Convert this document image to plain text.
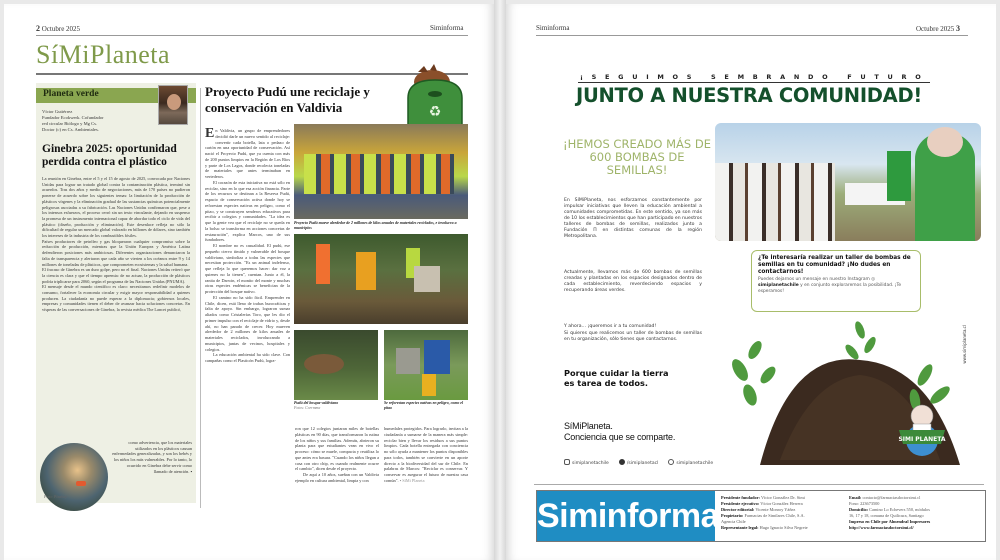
2 Octubre 2025	Siminforma
SíMiPlaneta
Planeta verde
Víctor Gutiérrez
Fundador Ecokwerk. Cofundador
red circular Biólogo y Mg Cs.
Doctor (c) en Cs. Ambientales.
Ginebra 2025: oportunidad perdida contra el plástico

La reunión en Ginebra, entre el 5 y el 15 de agosto de 2025, convocada por Naciones Unidas para lograr un tratado global contra la contaminación plástica, terminó sin acuerdos. Tras dos años y medio de negociaciones, más de 170 países no pudieron ponerse de acuerdo sobre los siguientes temas: la limitación de la producción de plásticos vírgenes y la eliminación gradual de las sustancias químicas potencialmente peligrosas asociadas a su fabricación. Las Naciones Unidas confirmaron que, pese a los intensos esfuerzos, el proceso cerró sin un texto vinculante, dejando en suspenso la promesa de un instrumento internacional capaz de abordar todo el ciclo de vida del plástico (diseño, producción y eliminación). Este desenlace refleja no sólo la dificultad de regular un mercado global valorado en billones de dólares, sino también los intereses de la industria de los combustibles fósiles.

Países productores de petróleo y gas bloquearon cualquier compromiso sobre la reducción de producción, mientras que la Unión Europea y América Latina defendieron posiciones más ambiciosas. Diferentes organizaciones denunciaron la falta de transparencia y alertaron que cada año se vierten a los océanos entre 9 y 14 millones de toneladas de plásticos, que comprometen ecosistemas y la salud humana.

El fracaso de Ginebra es un duro golpe, pero no el final. Naciones Unidas reiteró que la ciencia es clara y que el tiempo apremia: de no actuar, la producción de plásticos podría triplicarse para 2060, según el programa de las Naciones Unidas (PNUMA).

El mensaje desde el mundo científico es claro: necesitamos redefinir modelos de consumo, fortalecer la economía circular y exigir mayor responsabilidad a quienes producen. La ciudadanía no puede esperar a la diplomacia; gobiernos locales, empresas y comunidades tienen el deber de avanzar hacia soluciones concretas. En vísperas de las conversaciones de Ginebra, la revista médica The Lancet publicó,

como advertencia, que los materiales utilizados en los plásticos causan enfermedades generalizadas, y son los bebés y los niños los más vulnerables. Por lo tanto, lo ocurrido en Ginebra debe servir como llamado de atención. ▪
Foto: Pixabay
Proyecto Pudú une reciclaje y conservación en Valdivia	♻
En Valdivia, un grupo de emprendedores decidió darle un nuevo sentido al reciclaje: convertir cada botella, lata o pedazo de cartón en una oportunidad de conservación. Así nació el Proyecto Pudú, que ya cuenta con más de 200 puntos limpios en la Región de Los Ríos y parte de Los Lagos, donde recolecta toneladas de materiales que antes terminaban en vertederos.
El corazón de esta iniciativa no está sólo en reciclar, sino en lo que esa acción financia. Parte de los recursos se destinan a la Reserva Pudú, espacio de conservación activa donde hoy se reforestan especies nativas en peligro, como el pitao, y se construyen senderos educativos para recibir a colegios y comunidades. "La idea es que la gente vea que el reciclaje no se queda en la bolsa: se transforma en acciones concretas de restauración", explica Marcos, uno de sus fundadores.
El nombre no es casualidad. El pudú, ese pequeño ciervo tímido y vulnerable del bosque valdiviano, simboliza a todas las especies que necesitan protección. "Es un animal indefenso, que refleja lo que queremos hacer: dar voz a quienes no la tienen", cuentan. Junto a él, la ranita de Darwin, el monito del monte y muchas otras especies endémicas se benefician de la protección del bosque nativo.
El camino no ha sido fácil. Emprender en Chile, dicen, está lleno de trabas burocráticas y falta de apoyo. Sin embargo, lograron sumar aliados como Cristalerías Toro, que les dio el primer impulso con el reciclaje de vidrio y, desde ahí, no han parado de crecer. Hoy mueven alrededor de 2 millones de kilos anuales de materiales reciclados, involucrando a municipios, juntas de vecinos, hospitales y colegios.
La educación ambiental ha sido clave. Con campañas como el Plasticón Pudú, logra-
Proyecto Pudú mueve alrededor de 2 millones de kilos anuales de materiales reciclados, e involucra a municipios
Pudú del bosque valdiviano
Fotos: Corrmma
Se reforestan especies nativas en peligro, como el pitao
ron que 12 colegios juntaran miles de botellas plásticas en 90 días, que transformaron la rutina de los niños y sus familias. Además, abrieron su planta para que estudiantes vean en vivo el proceso: cómo se muele, compacta y reutiliza lo que antes era basura. "Cuando los niños llegan a casa con otro chip, es cuando realmente ocurre el cambio", dicen desde el proyecto.
De aquí a 10 años, sueñan con un Valdivia ejemplo en cultura ambiental, limpia y con
humedales protegidos. Para lograrlo, invitan a la ciudadanía a sumarse de la manera más simple: reciclar bien y llevar los residuos a sus puntos limpios. Cada botella entregada con conciencia no sólo ayuda a mantener los puntos disponibles para todos, también se convierte en un aporte directo a la biodiversidad del sur de Chile. En palabras de Marcos: "Reciclar es conservar. Y conservar es asegurar el futuro de nuestra casa común". ▪ SíMi Planeta
Siminforma	Octubre 2025 3
¡SEGUIMOS SEMBRANDO FUTURO
JUNTO A NUESTRA COMUNIDAD!
¡HEMOS CREADO MÁS DE 600 BOMBAS DE SEMILLAS!
En SíMiPlaneta, nos esforzamos constantemente por impulsar iniciativas que lleven la educación ambiental a comunidades comprometidas. En este sentido, ya son más de 10 los establecimientos que han participado en nuestros talleres de bombas de semillas, realizados junto a Fundación Π en distintas comunas de la región Metropolitana.
Actualmente, llevamos más de 600 bombas de semillas creadas y plantadas en los espacios designados dentro de cada establecimiento, reverdeciendo espacios y recuperando áreas verdes.
Y ahora… ¡queremos ir a tu comunidad!
Si quieres que realicemos un taller de bombas de semillas en tu organización, sólo tienes que contactarnos.
Porque cuidar la tierra
es tarea de todos.
SíMiPlaneta.
Conciencia que se comparte.
simiplanetachile	/simiplanetacl	simiplanetachile
¿Te interesaría realizar un taller de bombas de semillas en tu comunidad? ¡No dudes en contactarnos!
Puedes dejarnos un mensaje en nuestro Instagram ◎ simiplanetachile y en conjunto exploraremos la posibilidad. ¡Te esperamos!
www.simiplaneta.cl
SIMI PLANETA
Siminforma Presidente fundador: Víctor González Dr. Simi
Presidente ejecutivo: Víctor González Herrera
Director editorial: Vicente Monroy Yáñez
Propietario: Farmacias de Similares Chile, S.A.
Agencia Chile
Representante legal: Hugo Ignacio Silva Negrete
Email: contacto@farmaciasdoctorsimi.cl
Fono: 223673500
Domicilio: Camino Lo Echevers 550, módulos
16, 17 y 18, comuna de Quilicura, Santiago
Impreso en Chile por Almendral Impresores
http://www.farmaciasdoctorsimi.cl/
